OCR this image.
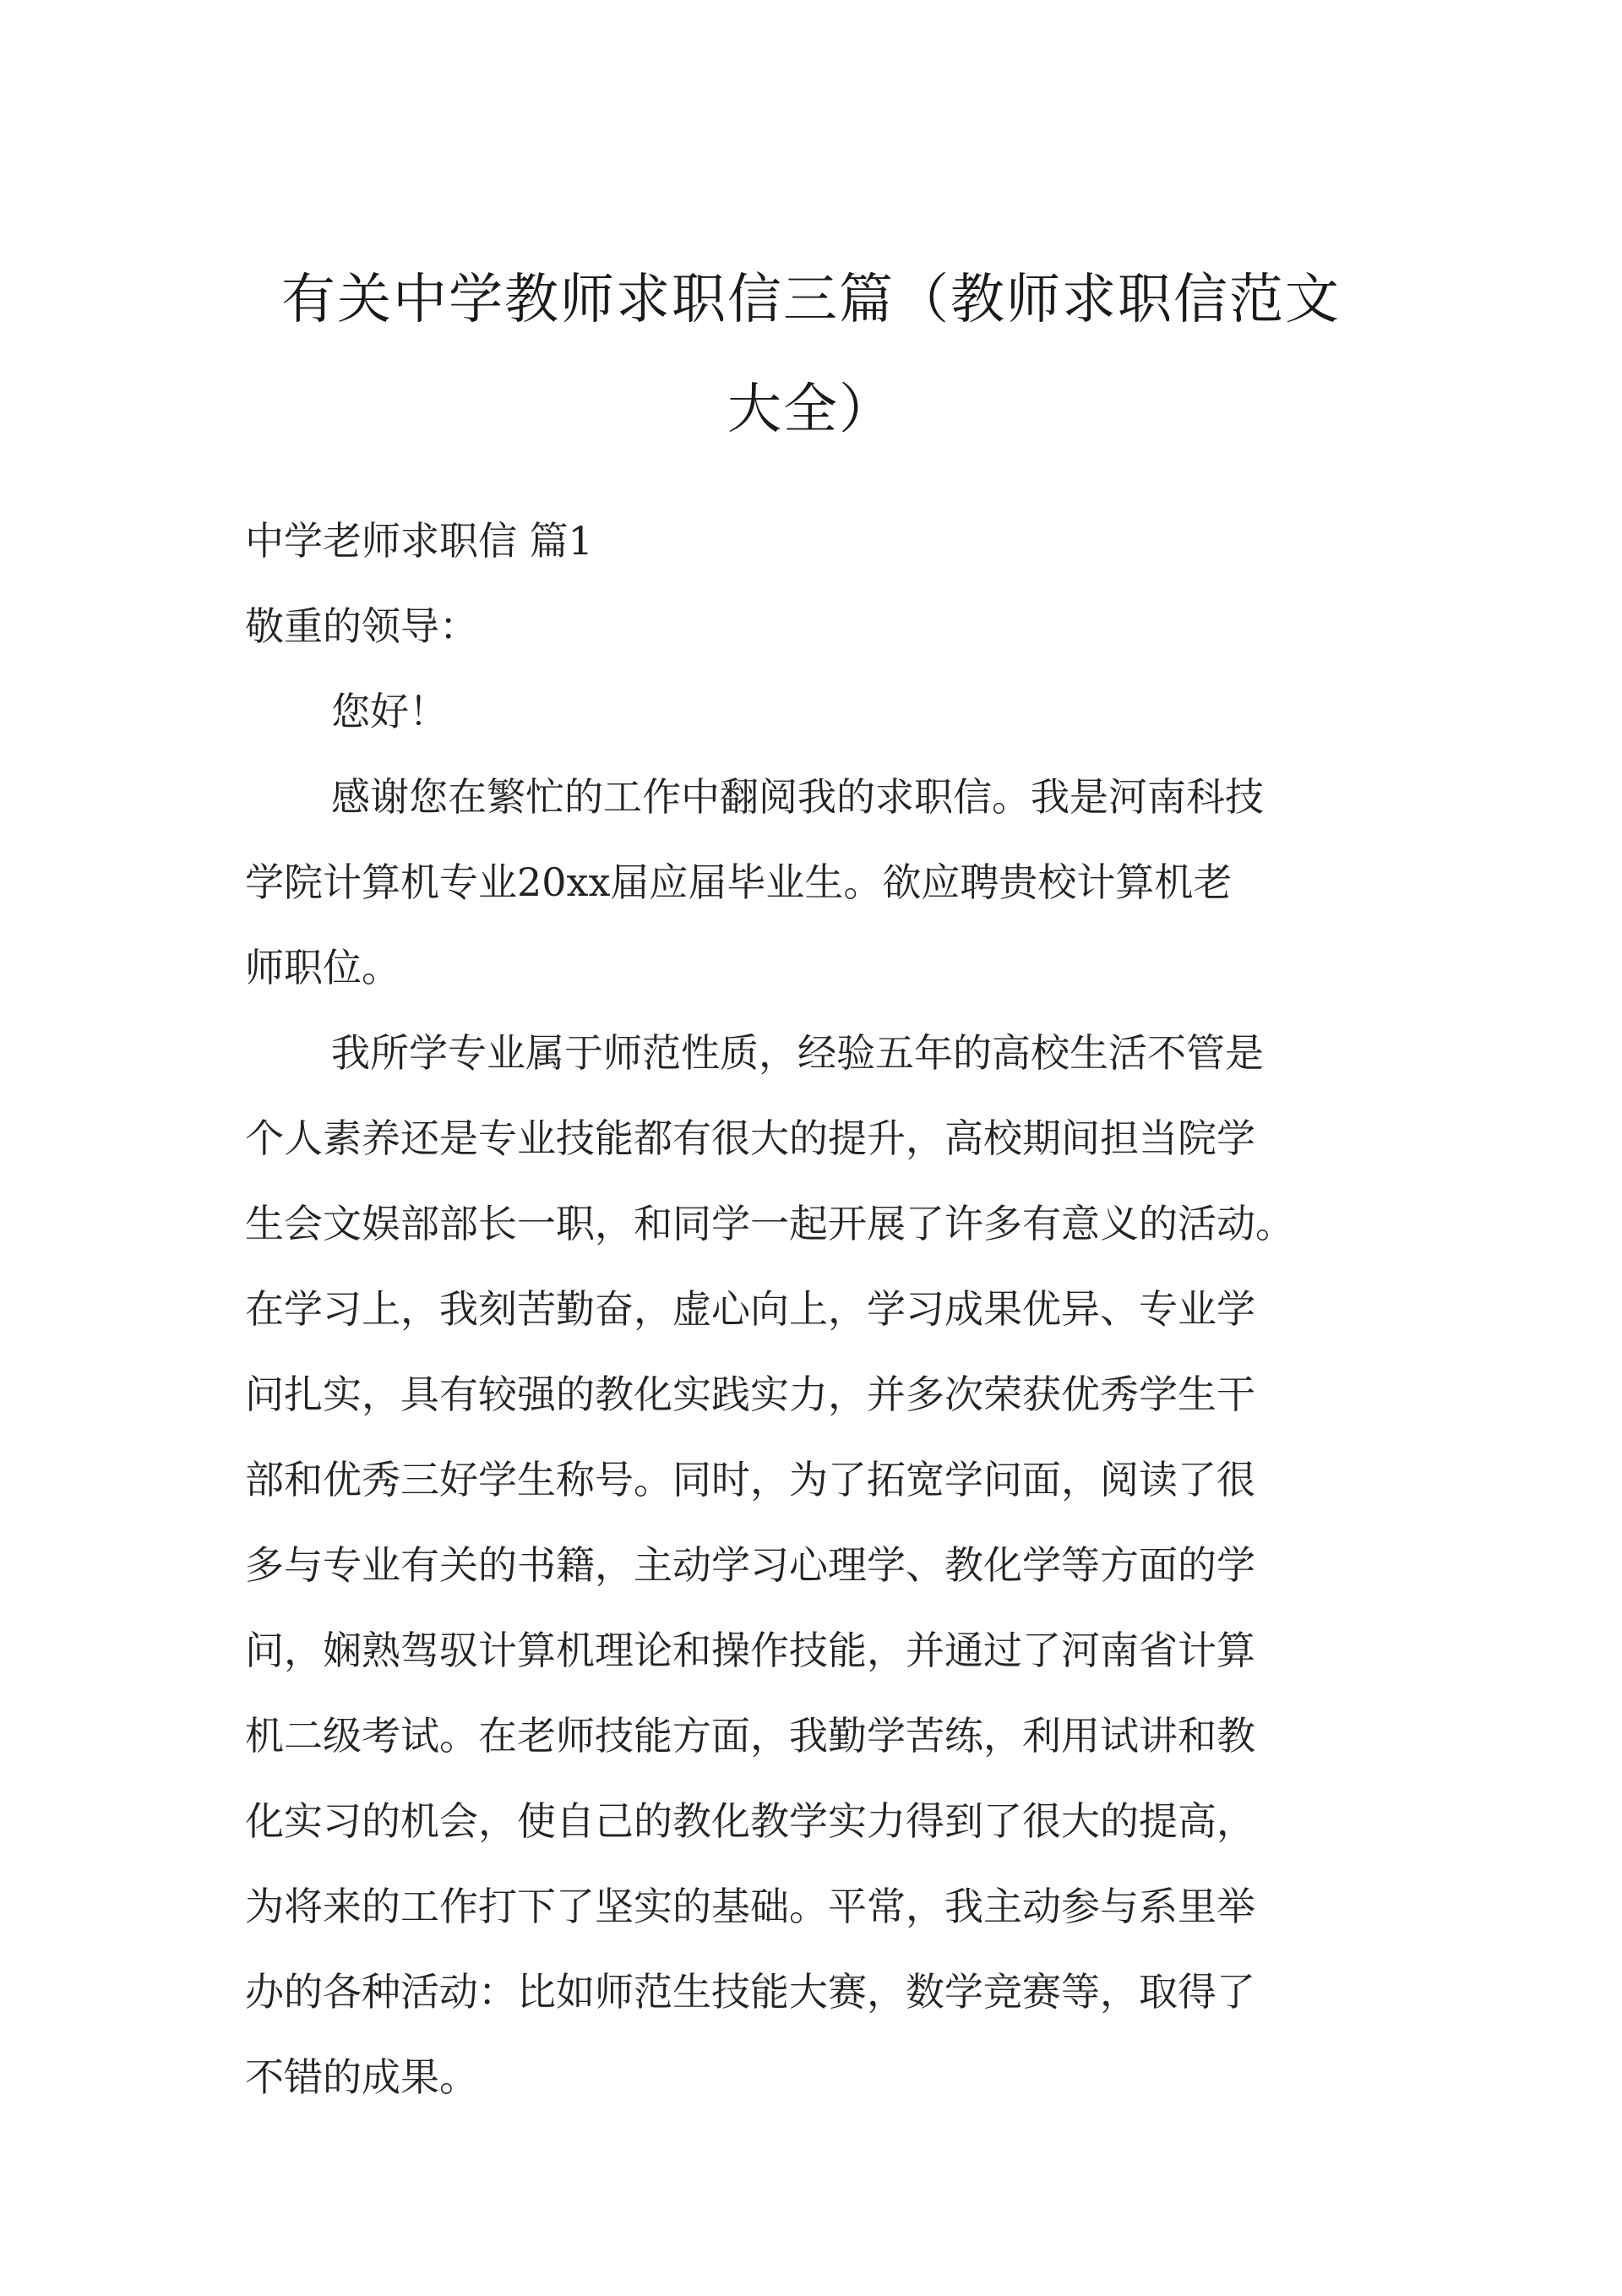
有关中学教师求职信三篇（教师求职信范文
大全）
中学老师求职信 篇1
敬重的领导：
您好！
感谢您在繁忙的工作中翻阅我的求职信。我是河南科技
学院计算机专业20xx届应届毕业生。欲应聘贵校计算机老
师职位。
我所学专业属于师范性质，经验五年的高校生活不管是
个人素养还是专业技能都有很大的提升，高校期间担当院学
生会文娱部部长一职，和同学一起开展了许多有意义的活动。
在学习上，我刻苦勤奋，虚心向上，学习成果优异、专业学
问扎实，具有较强的教化实践实力，并多次荣获优秀学生干
部和优秀三好学生称号。同时，为了拓宽学问面，阅读了很
多与专业有关的书籍，主动学习心理学、教化学等方面的学
问，娴熟驾驭计算机理论和操作技能，并通过了河南省计算
机二级考试。在老师技能方面，我勤学苦练，利用试讲和教
化实习的机会，使自己的教化教学实力得到了很大的提高，
为将来的工作打下了坚实的基础。平常，我主动参与系里举
办的各种活动：比如师范生技能大赛，数学竞赛等，取得了
不错的成果。
